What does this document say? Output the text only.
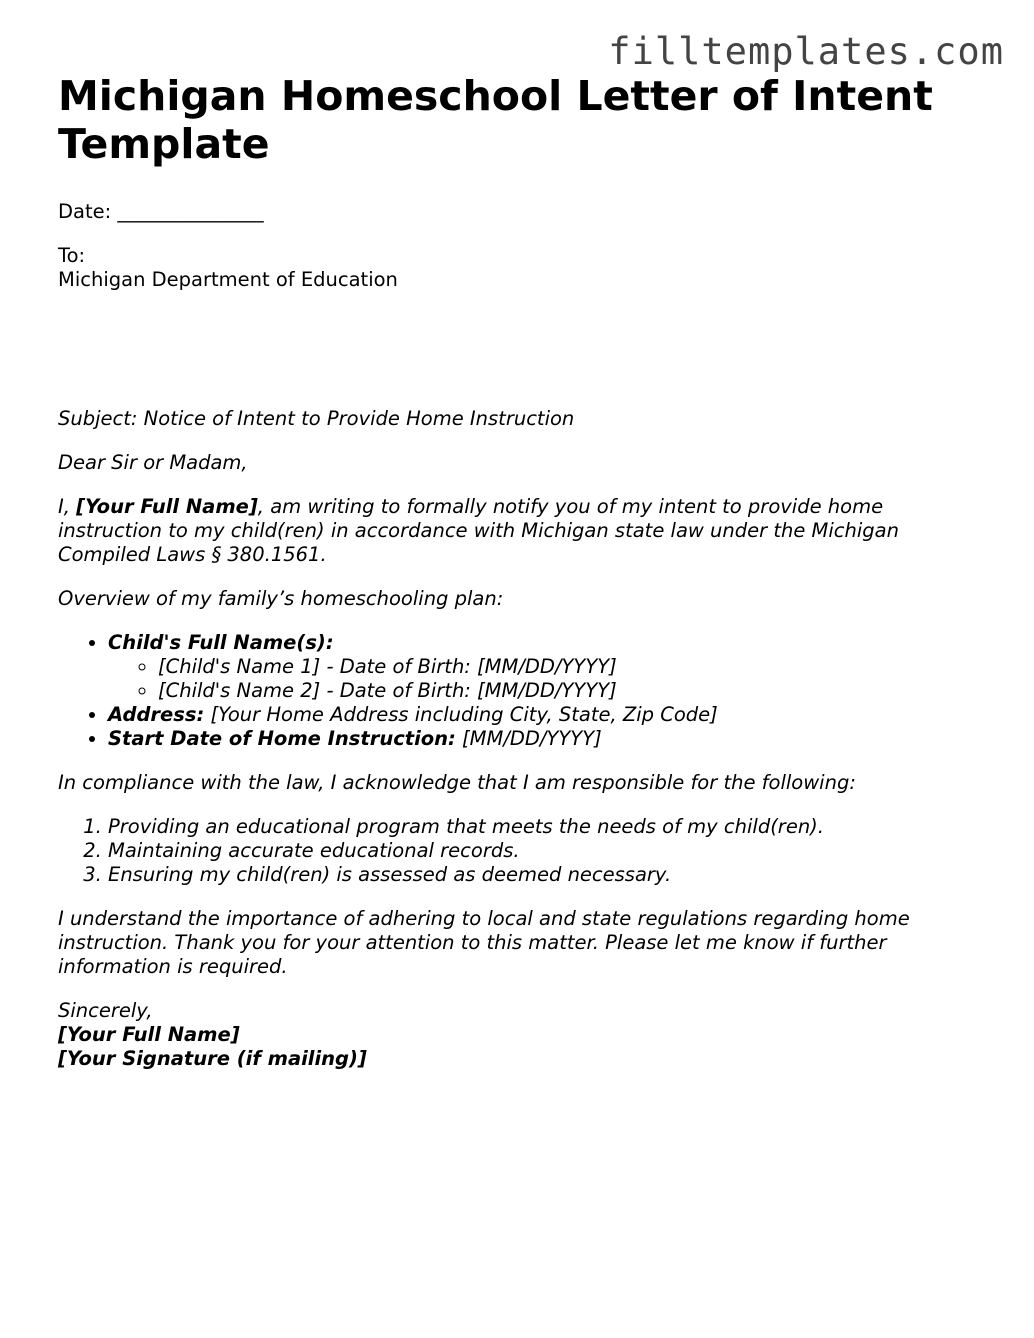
filltemplates.com
Michigan Homeschool Letter of Intent Template

Date: _______________

To:
Michigan Department of Education

Subject: Notice of Intent to Provide Home Instruction

Dear Sir or Madam,

I, [Your Full Name], am writing to formally notify you of my intent to provide home instruction to my child(ren) in accordance with Michigan state law under the Michigan Compiled Laws § 380.1561.

Overview of my family’s homeschooling plan:

• Child's Full Name(s):
◦ [Child's Name 1] - Date of Birth: [MM/DD/YYYY]
◦ [Child's Name 2] - Date of Birth: [MM/DD/YYYY]
• Address: [Your Home Address including City, State, Zip Code]
• Start Date of Home Instruction: [MM/DD/YYYY]

In compliance with the law, I acknowledge that I am responsible for the following:

1. Providing an educational program that meets the needs of my child(ren).
2. Maintaining accurate educational records.
3. Ensuring my child(ren) is assessed as deemed necessary.

I understand the importance of adhering to local and state regulations regarding home instruction. Thank you for your attention to this matter. Please let me know if further information is required.

Sincerely,
[Your Full Name]
[Your Signature (if mailing)]
